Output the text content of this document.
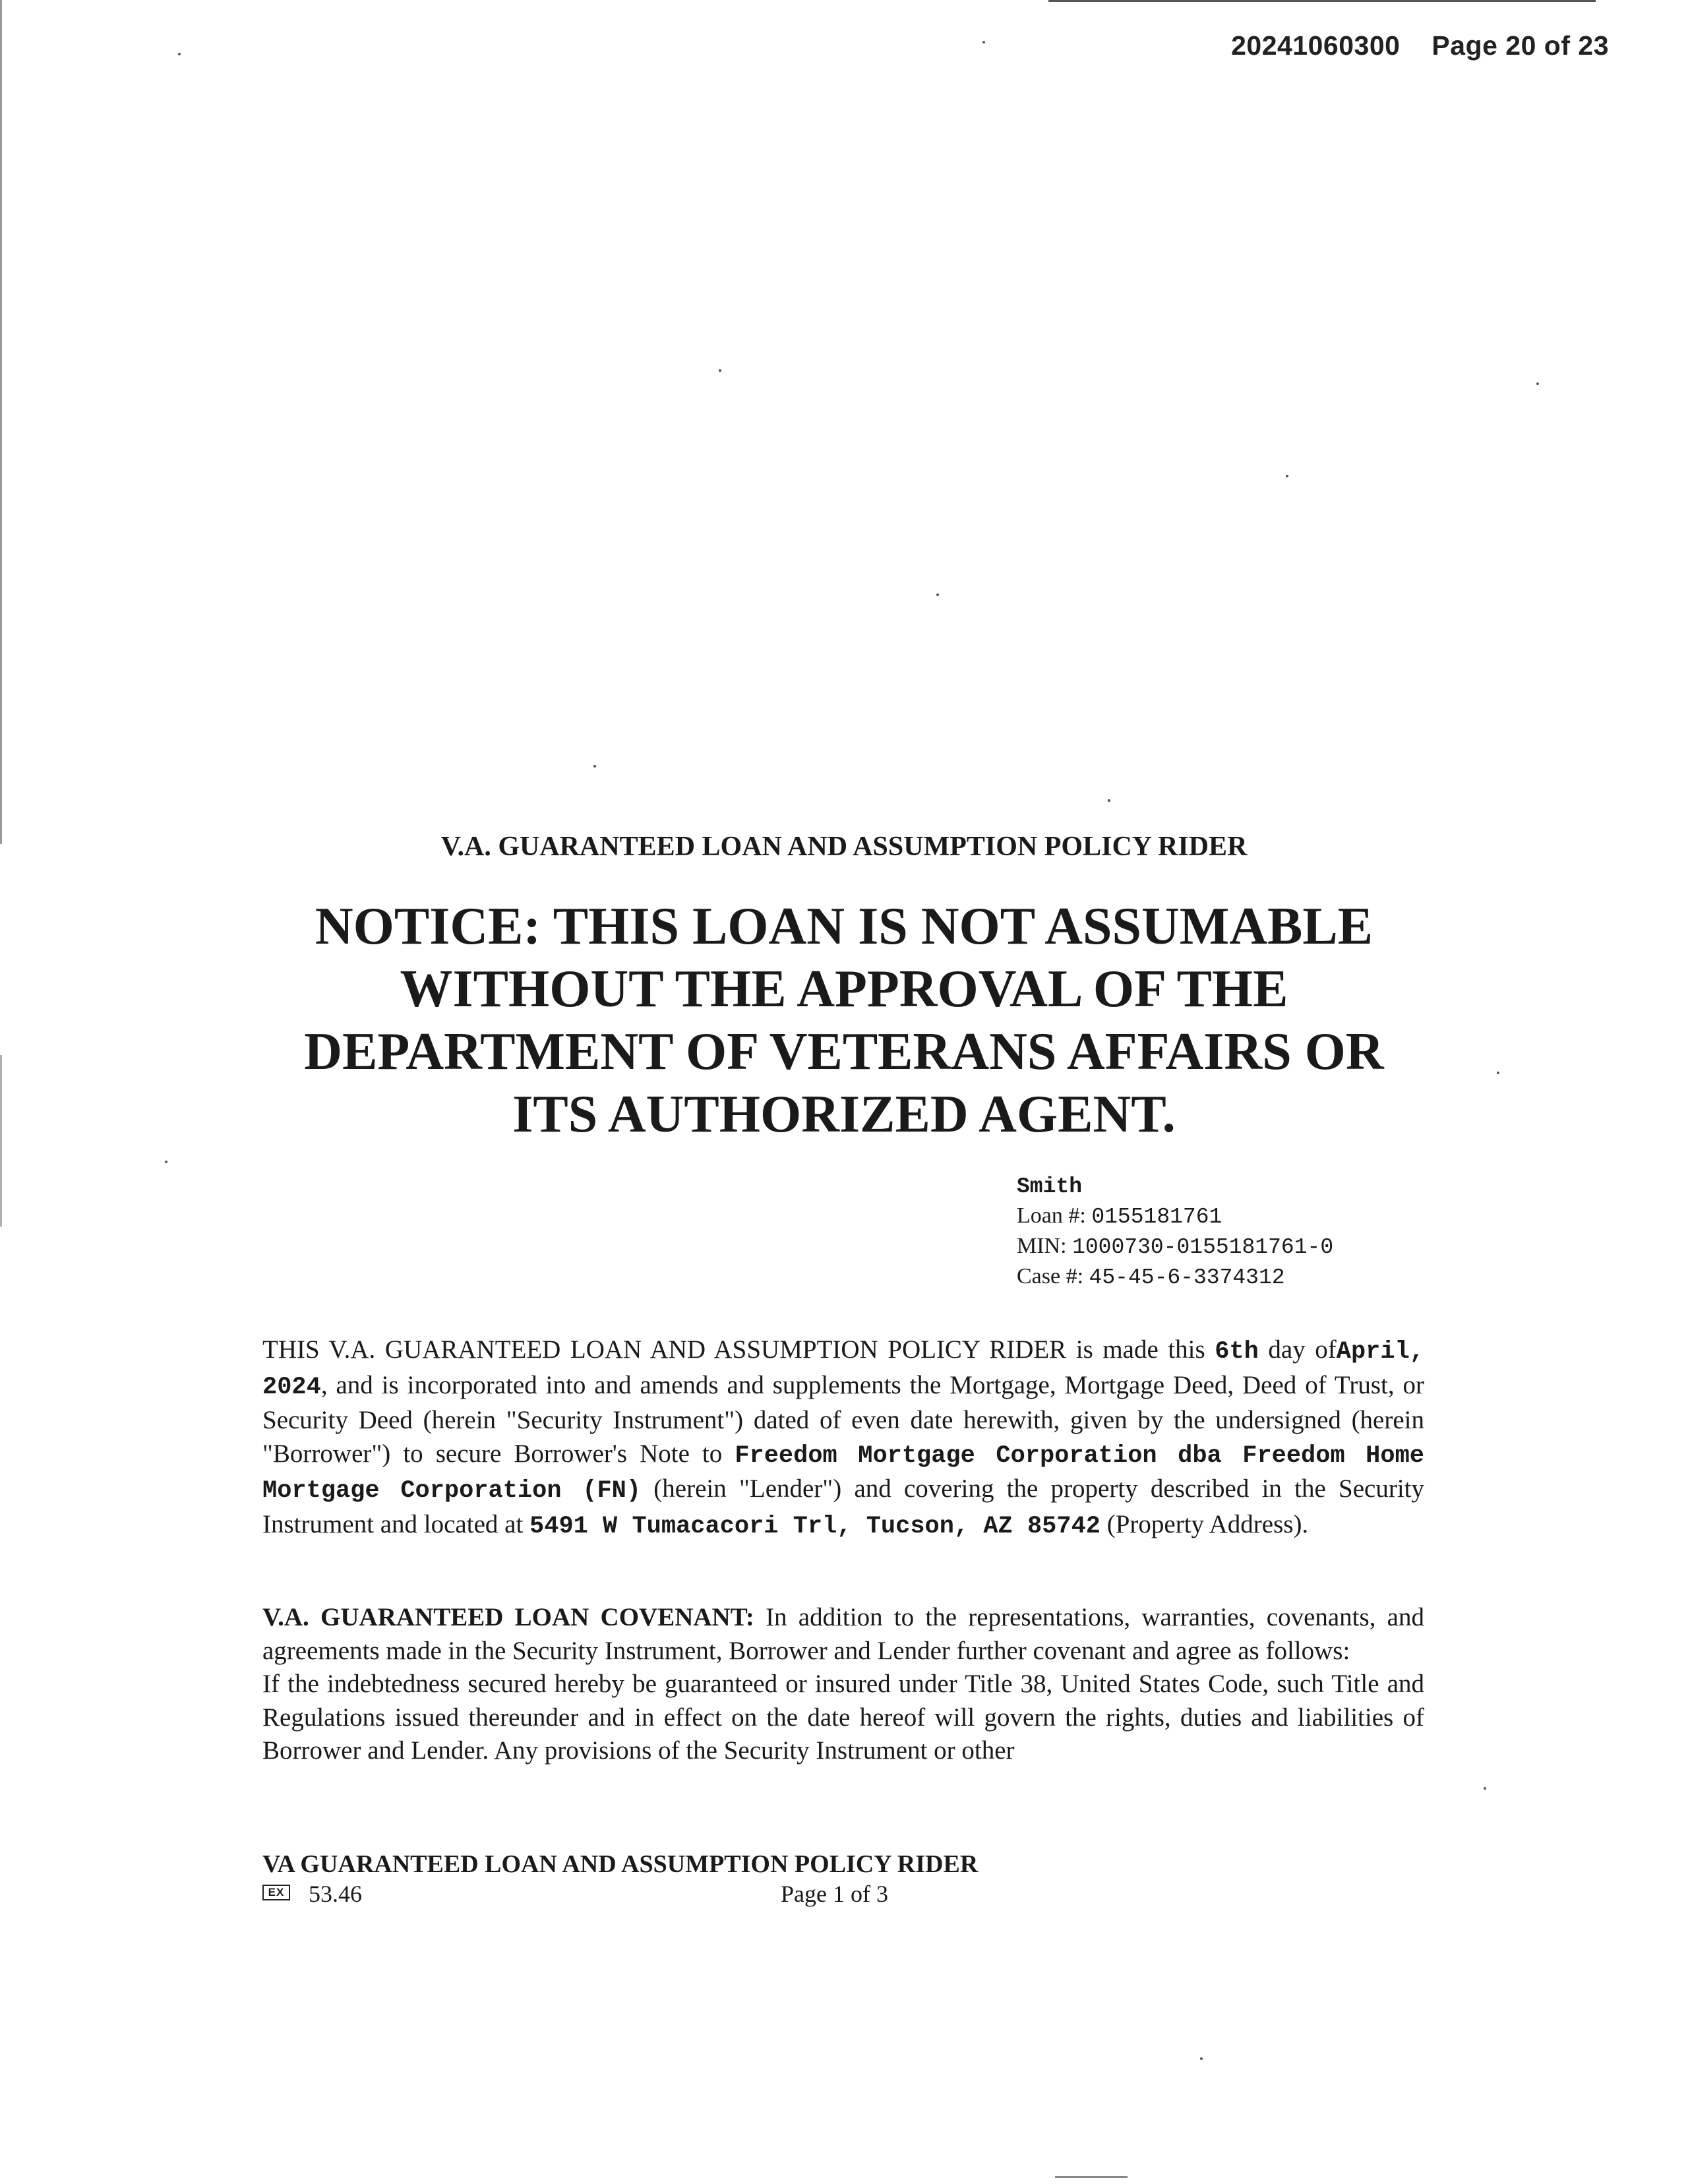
20241060300 Page 20 of 23
V.A. GUARANTEED LOAN AND ASSUMPTION POLICY RIDER
NOTICE: THIS LOAN IS NOT ASSUMABLE
WITHOUT THE APPROVAL OF THE
DEPARTMENT OF VETERANS AFFAIRS OR
ITS AUTHORIZED AGENT.
Smith
Loan #: 0155181761
MIN: 1000730-0155181761-0
Case #: 45-45-6-3374312
THIS V.A. GUARANTEED LOAN AND ASSUMPTION POLICY RIDER is made this 6th day ofApril, 2024, and is incorporated into and amends and supplements the Mortgage, Mortgage Deed, Deed of Trust, or Security Deed (herein "Security Instrument") dated of even date herewith, given by the undersigned (herein "Borrower") to secure Borrower's Note to Freedom Mortgage Corporation dba Freedom Home Mortgage Corporation (FN) (herein "Lender") and covering the property described in the Security Instrument and located at 5491 W Tumacacori Trl, Tucson, AZ 85742 (Property Address).
V.A. GUARANTEED LOAN COVENANT: In addition to the representations, warranties, covenants, and agreements made in the Security Instrument, Borrower and Lender further covenant and agree as follows:
If the indebtedness secured hereby be guaranteed or insured under Title 38, United States Code, such Title and Regulations issued thereunder and in effect on the date hereof will govern the rights, duties and liabilities of Borrower and Lender. Any provisions of the Security Instrument or other
VA GUARANTEED LOAN AND ASSUMPTION POLICY RIDER
EX 53.46	Page 1 of 3
